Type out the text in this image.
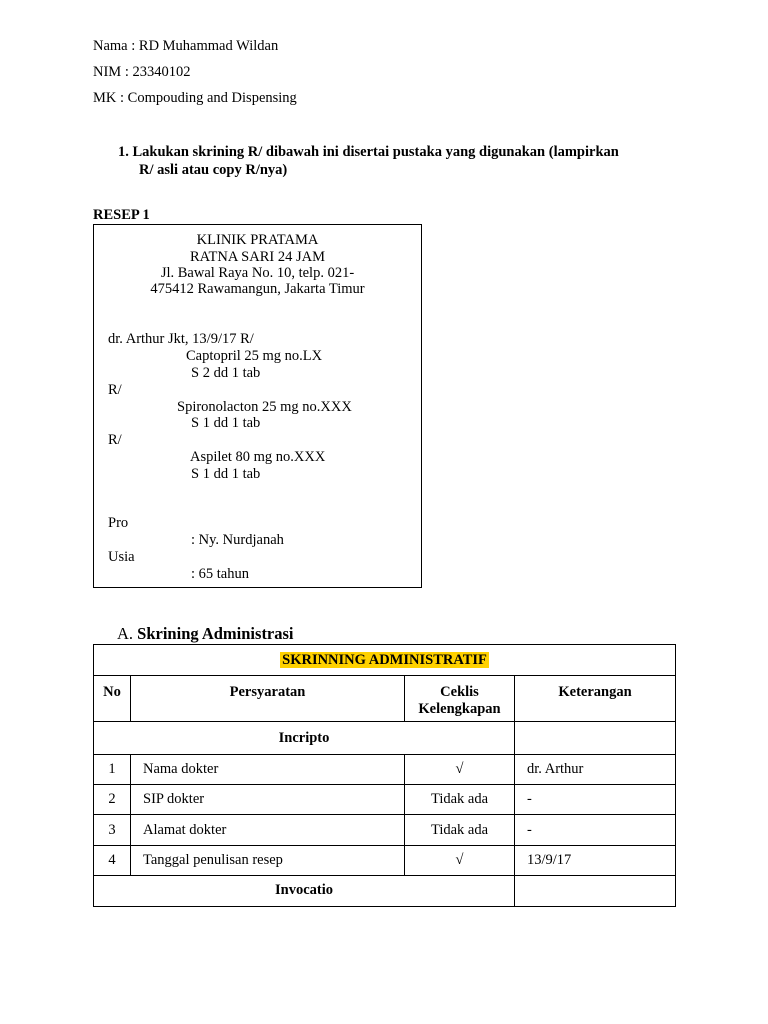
Nama : RD Muhammad Wildan
NIM : 23340102
MK : Compouding and Dispensing
1. Lakukan skrining R/ dibawah ini disertai pustaka yang digunakan (lampirkan
R/ asli atau copy R/nya)
RESEP 1
KLINIK PRATAMA
RATNA SARI 24 JAM
Jl. Bawal Raya No. 10, telp. 021-
475412 Rawamangun, Jakarta Timur
dr. Arthur Jkt, 13/9/17 R/
Captopril 25 mg no.LX
S 2 dd 1 tab
R/
Spironolacton 25 mg no.XXX
S 1 dd 1 tab
R/
Aspilet 80 mg no.XXX
S 1 dd 1 tab
Pro
: Ny. Nurdjanah
Usia
: 65 tahun
A. Skrining Administrasi
SKRINNING ADMINISTRATIF			
No	Persyaratan	Ceklis Kelengkapan	Keterangan
Incripto			
1	Nama dokter	√	dr. Arthur
2	SIP dokter	Tidak ada	-
3	Alamat dokter	Tidak ada	-
4	Tanggal penulisan resep	√	13/9/17
Invocatio			
